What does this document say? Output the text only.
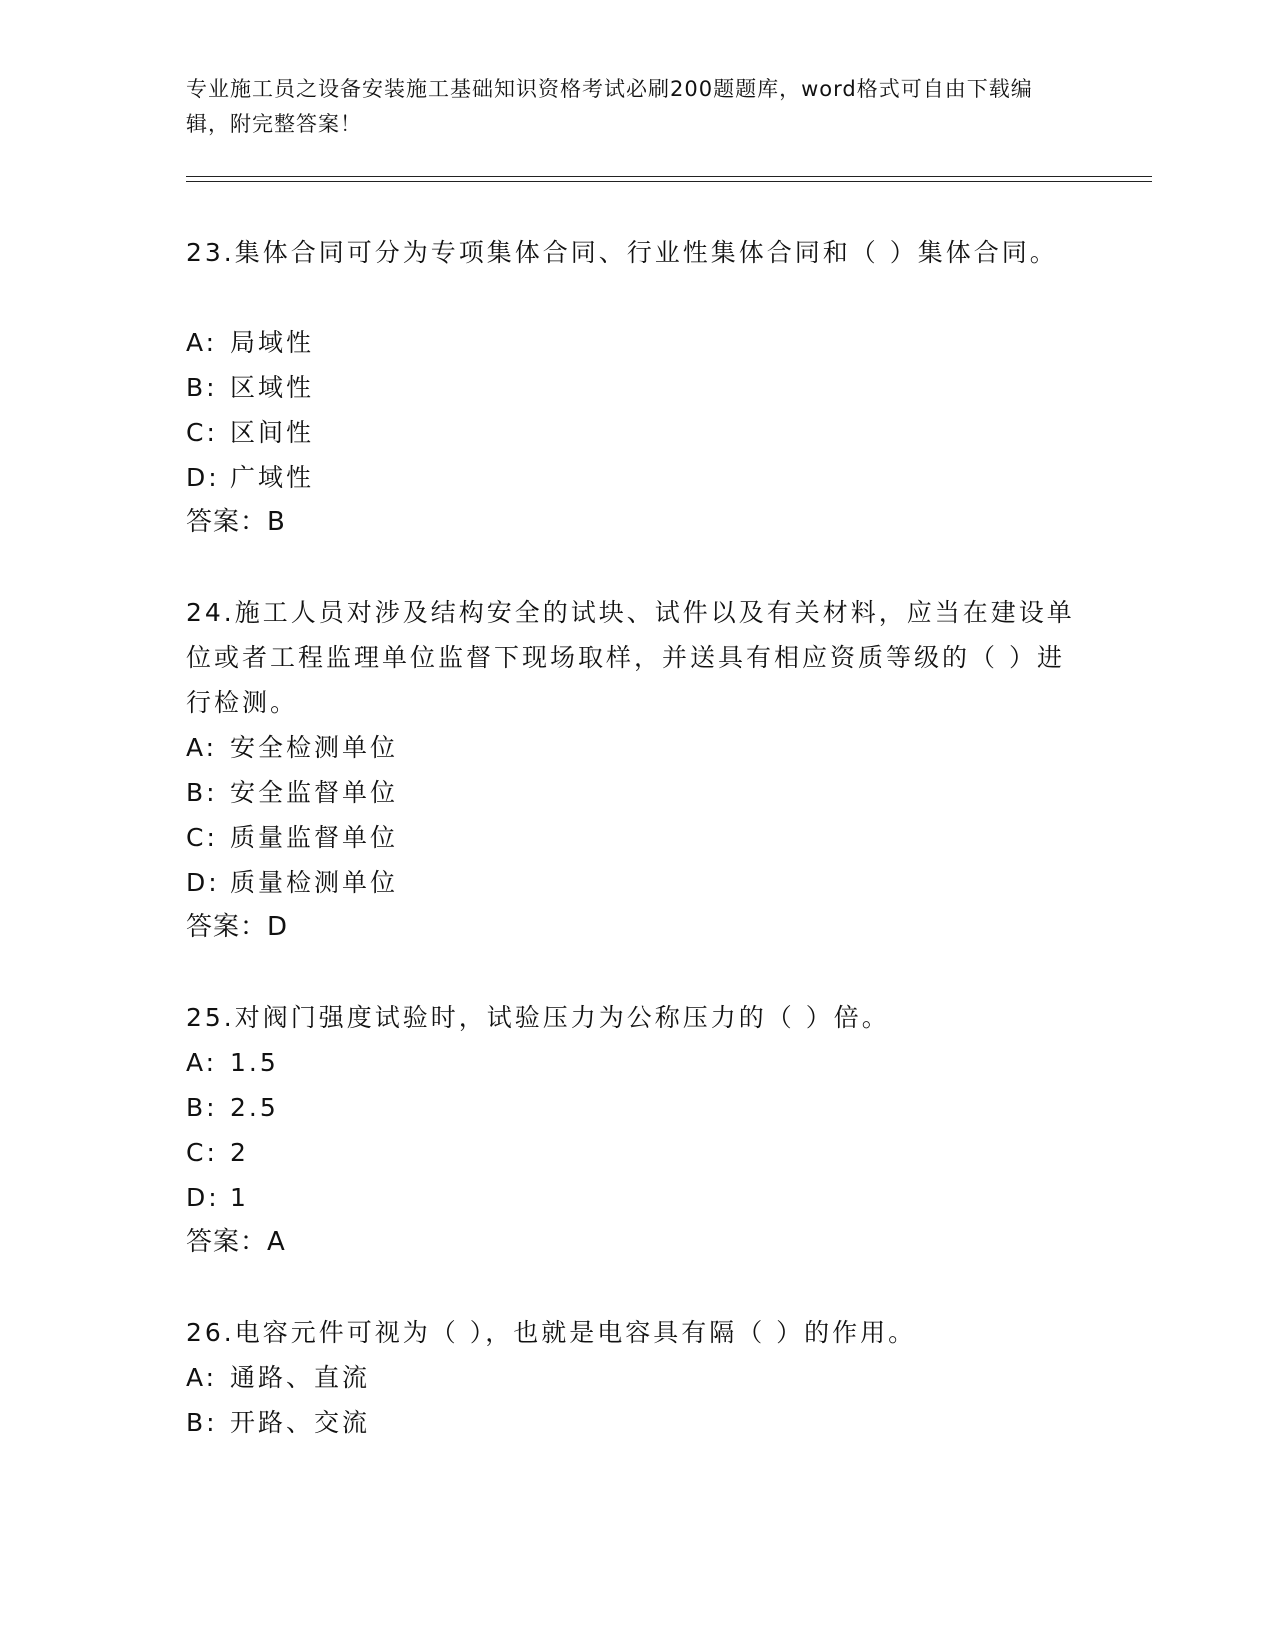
专业施工员之设备安装施工基础知识资格考试必刷200题题库，word格式可自由下载编辑，附完整答案！
23.集体合同可分为专项集体合同、行业性集体合同和（ ）集体合同。
A: 局域性
B: 区域性
C: 区间性
D: 广域性
答案：B
24.施工人员对涉及结构安全的试块、试件以及有关材料，应当在建设单位或者工程监理单位监督下现场取样，并送具有相应资质等级的（ ）进行检测。
A: 安全检测单位
B: 安全监督单位
C: 质量监督单位
D: 质量检测单位
答案：D
25.对阀门强度试验时，试验压力为公称压力的（ ）倍。
A: 1.5
B: 2.5
C: 2
D: 1
答案：A
26.电容元件可视为（ ），也就是电容具有隔（ ）的作用。
A: 通路、直流
B: 开路、交流
